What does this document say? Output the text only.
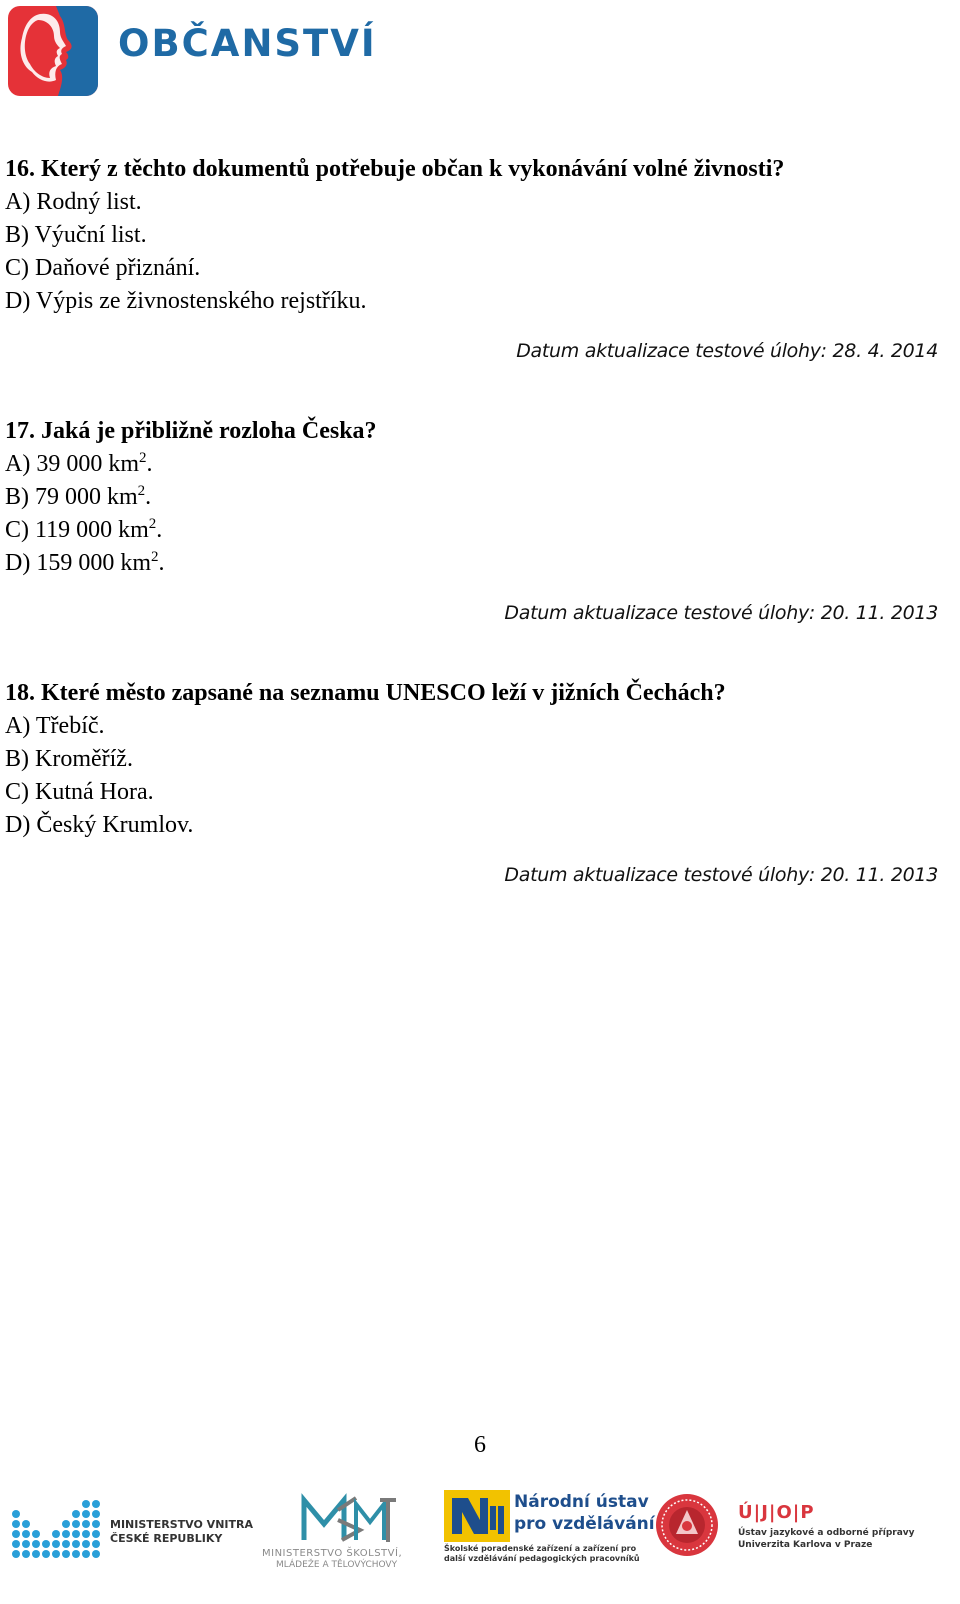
OBČANSTVÍ
16. Který z těchto dokumentů potřebuje občan k vykonávání volné živnosti?
A) Rodný list.
B) Výuční list.
C) Daňové přiznání.
D) Výpis ze živnostenského rejstříku.
Datum aktualizace testové úlohy: 28. 4. 2014
17. Jaká je přibližně rozloha Česka?
A) 39 000 $km^2$.
B) 79 000 $km^2$.
C) 119 000 $km^2$.
D) 159 000 $km^2$.
Datum aktualizace testové úlohy: 20. 11. 2013
18. Které město zapsané na seznamu UNESCO leží v jižních Čechách?
A) Třebíč.
B) Kroměříž.
C) Kutná Hora.
D) Český Krumlov.
Datum aktualizace testové úlohy: 20. 11. 2013
6
MINISTERSTVO VNITRA
ČESKÉ REPUBLIKY
MINISTERSTVO ŠKOLSTVÍ,
MLÁDEŽE A TĚLOVÝCHOVY
Národní ústav
pro vzdělávání
Školské poradenské zařízení a zařízení pro
další vzdělávání pedagogických pracovníků
Ú|J|O|P
Ústav jazykové a odborné přípravy
Univerzita Karlova v Praze
